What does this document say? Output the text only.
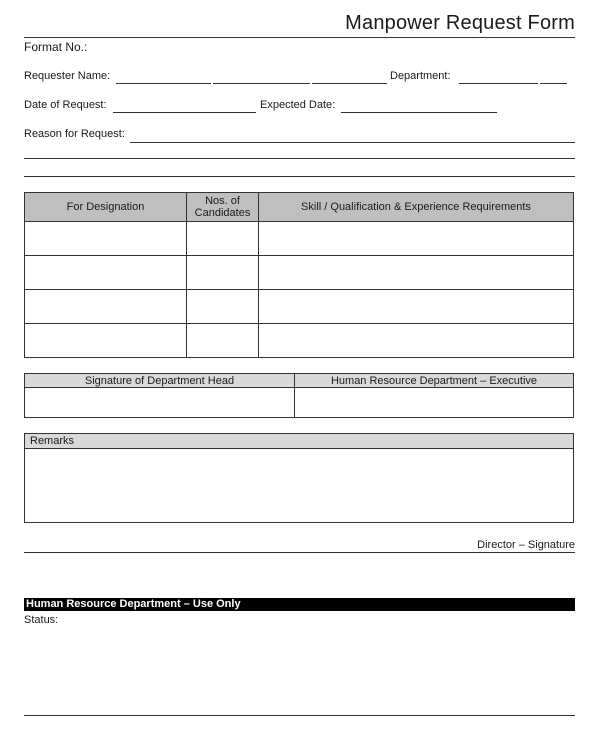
Manpower Request Form
Format No.:
Requester Name:	Department:
Date of Request:	Expected Date:
Reason for Request:
For Designation	Nos. of Candidates	Skill / Qualification & Experience Requirements

Signature of Department Head	Human Resource Department – Executive

Remarks
Director – Signature
Human Resource Department – Use Only
Status:
